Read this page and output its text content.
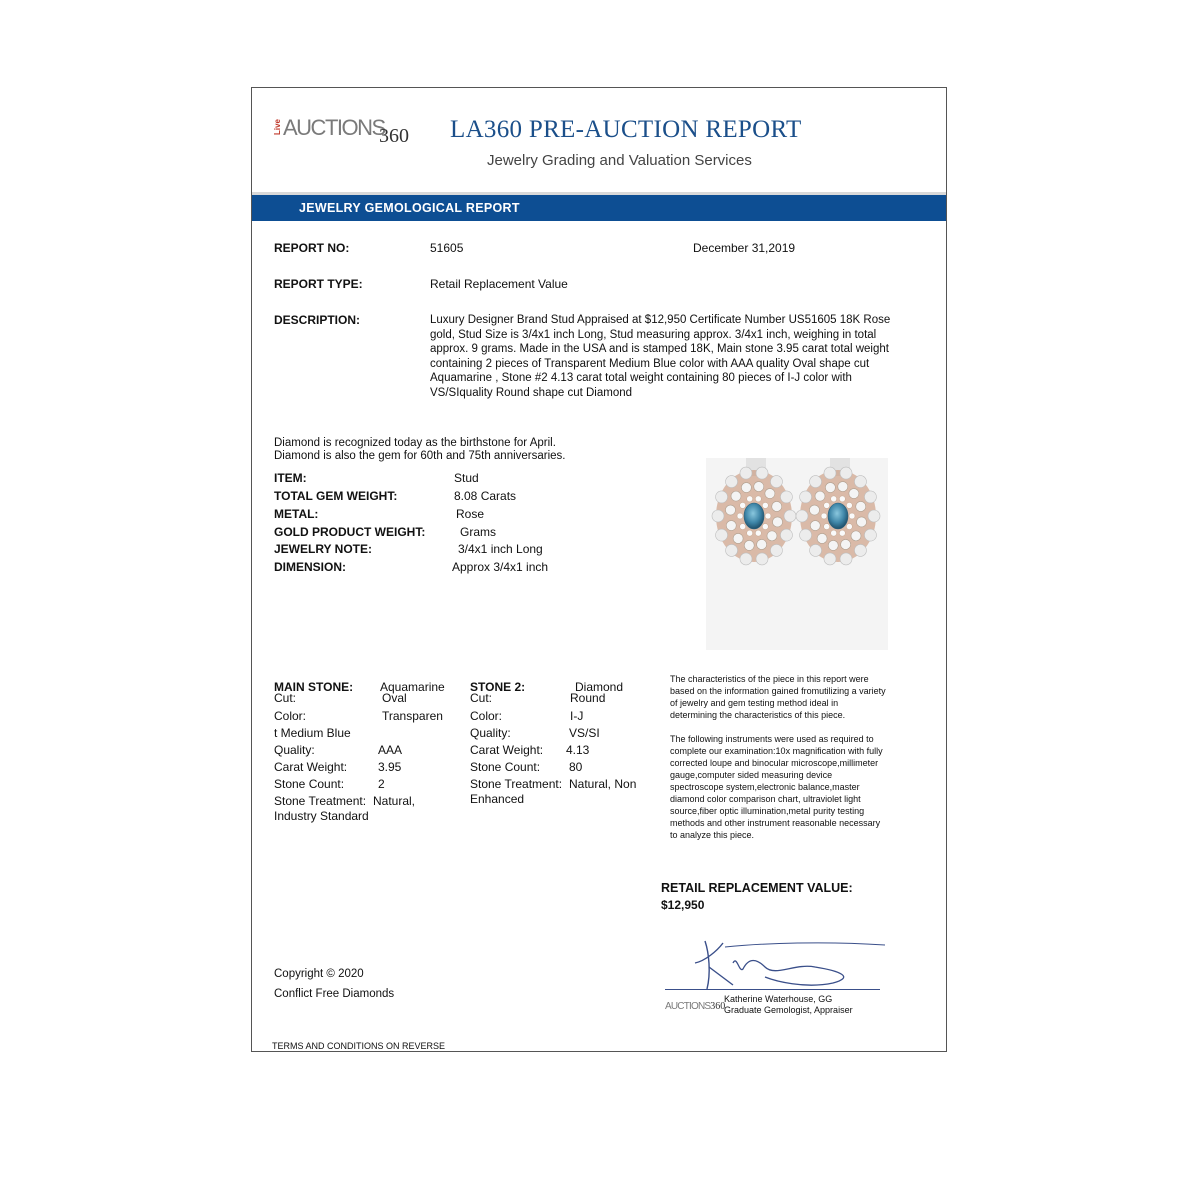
Live AUCTIONS
360 LA360 PRE-AUCTION REPORT
Jewelry Grading and Valuation Services
JEWELRY GEMOLOGICAL REPORT
REPORT NO:	51605	December 31,2019
REPORT TYPE:	Retail Replacement Value
DESCRIPTION:	Luxury Designer Brand Stud Appraised at $12,950 Certificate Number US51605 18K Rose gold, Stud Size is 3/4x1 inch Long, Stud measuring approx. 3/4x1 inch, weighing in total approx. 9 grams. Made in the USA and is stamped 18K, Main stone 3.95 carat total weight containing 2 pieces of Transparent Medium Blue color with AAA quality Oval shape cut Aquamarine , Stone #2 4.13 carat total weight containing 80 pieces of I-J color with VS/SIquality Round shape cut Diamond
Diamond is recognized today as the birthstone for April.
Diamond is also the gem for 60th and 75th anniversaries.
ITEM:	Stud
TOTAL GEM WEIGHT:	8.08 Carats
METAL:	Rose
GOLD PRODUCT WEIGHT:	Grams
JEWELRY NOTE:	3/4x1 inch Long
DIMENSION:	Approx 3/4x1 inch
MAIN STONE: Aquamarine
Cut:	Oval
Color:	Transparen
t Medium Blue
Quality:	AAA
Carat Weight:	3.95
Stone Count:	2
Stone Treatment: Natural,
Industry Standard
STONE 2:	Diamond
Cut:	Round
Color:	I-J
Quality:	VS/SI
Carat Weight: 4.13
Stone Count: 80
Stone Treatment: Natural, Non
Enhanced
The characteristics of the piece in this report were
based on the information gained fromutilizing a variety
of jewelry and gem testing method ideal in
determining the characteristics of this piece.
The following instruments were used as required to
complete our examination:10x magnification with fully
corrected loupe and binocular microscope,millimeter
gauge,computer sided measuring device
spectroscope system,electronic balance,master
diamond color comparison chart, ultraviolet light
source,fiber optic illumination,metal purity testing
methods and other instrument reasonable necessary
to analyze this piece.
RETAIL REPLACEMENT VALUE:
$12,950
AUCTIONS360
Katherine Waterhouse, GG
Graduate Gemologist, Appraiser
Copyright © 2020
Conflict Free Diamonds
TERMS AND CONDITIONS ON REVERSE
